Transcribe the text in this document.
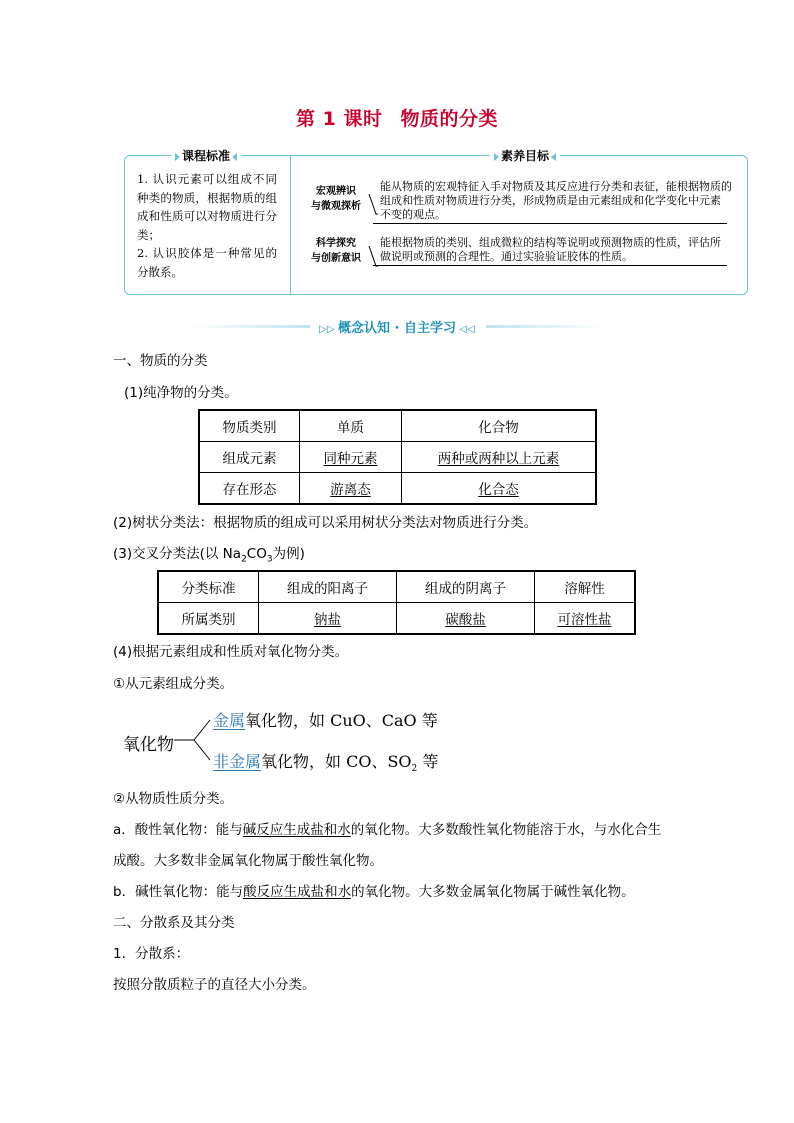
第 1 课时 物质的分类
课程标准	素养目标
1. 认识元素可以组成不同种类的物质，根据物质的组成和性质可以对物质进行分类；
2. 认识胶体是一种常见的分散系。
宏观辨识
与微观探析
能从物质的宏观特征入手对物质及其反应进行分类和表征，能根据物质的
组成和性质对物质进行分类，形成物质是由元素组成和化学变化中元素
不变的观点。
科学探究
与创新意识
能根据物质的类别、组成微粒的结构等说明或预测物质的性质，评估所
做说明或预测的合理性。通过实验验证胶体的性质。
▷▷ 概念认知 · 自主学习 ◁◁
一、物质的分类
(1)纯净物的分类。
物质类别	单质	化合物
组成元素	同种元素	两种或两种以上元素
存在形态	游离态	化合态
(2)树状分类法：根据物质的组成可以采用树状分类法对物质进行分类。
(3)交叉分类法(以 $Na_2CO_3$为例)
分类标准	组成的阳离子	组成的阴离子	溶解性
所属类别	钠盐	碳酸盐	可溶性盐
(4)根据元素组成和性质对氧化物分类。
①从元素组成分类。
氧化物
金属氧化物，如 CuO、CaO 等
非金属氧化物，如 CO、$SO_2$ 等
②从物质性质分类。
a．酸性氧化物：能与碱反应生成盐和水的氧化物。大多数酸性氧化物能溶于水，与水化合生
成酸。大多数非金属氧化物属于酸性氧化物。
b．碱性氧化物：能与酸反应生成盐和水的氧化物。大多数金属氧化物属于碱性氧化物。
二、分散系及其分类
1．分散系：
按照分散质粒子的直径大小分类。
